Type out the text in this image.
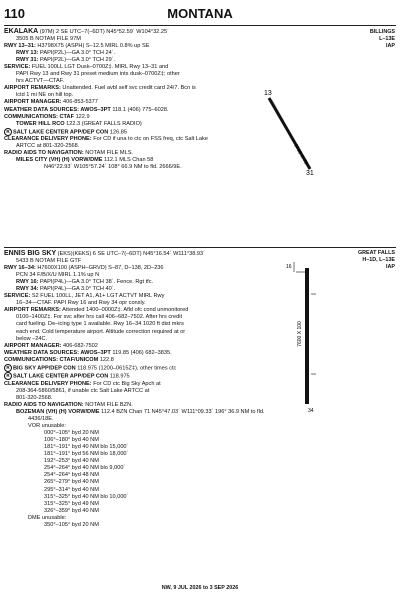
110	MONTANA
BILLINGS
L–13E
IAP
EKALAKA (97M) 2 SE UTC–7(–6DT) N45°52.59´ W104°32.25´
3505 B NOTAM FILE 97M
RWY 13–31: H3798X75 (ASPH) S–12.5 MIRL 0.8% up SE
RWY 13: PAPI(P2L)—GA 3.0° TCH 24´.
RWY 31: PAPI(P2L)—GA 3.0° TCH 29´.
SERVICE: FUEL 100LL LGT Dusk–0700Z‡. MIRL Rwy 13–31 and
PAPI Rwy 13 and Rwy 31 preset medium ints dusk–0700Z‡; other
hrs ACTVT—CTAF.
AIRPORT REMARKS: Unattended. Fuel avbl self svc credit card 24/7. Bcn is
lctd 1 mi NE on hill top.
AIRPORT MANAGER: 406-853-5377
WEATHER DATA SOURCES: AWOS–3PT 118.1 (406) 775–6028.
COMMUNICATIONS: CTAF 122.9
TOWER HILL RCO 122.3 (GREAT FALLS RADIO)
R SALT LAKE CENTER APP/DEP CON 126.85
CLEARANCE DELIVERY PHONE: For CD if una to ctc on FSS freq, ctc Salt Lake
ARTCC at 801-320-2568.
RADIO AIDS TO NAVIGATION: NOTAM FILE MLS.
MILES CITY (VH) (H) VORW/DME 112.1 MLS Chan 58
N46°22.93´ W105°57.24´ 108° 66.9 NM to fld. 2666/9E.
13
31
3798 X 75
GREAT FALLS
H–1D, L–13E
IAP
ENNIS BIG SKY (EKS)(KEKS) 6 SE UTC–7(–6DT) N45°16.54´ W111°38.93´
5433 B NOTAM FILE GTF
RWY 16–34: H7600X100 (ASPH–GRVD) S–87, D–138, 2D–236
PCN 34 F/B/X/U MIRL 1.1% up N
RWY 16: PAPI(P4L)—GA 3.0° TCH 38´. Fence. Rgt tfc.
RWY 34: PAPI(P4L)—GA 3.0° TCH 40´.
SERVICE: S2 FUEL 100LL, JET A1, A1+ LGT ACTVT MIRL Rwy
16–34—CTAF. PAPI Rwy 16 and Rwy 34 opr consly.
AIRPORT REMARKS: Attended 1400–0000Z‡. Afld ofc cond unmonitored
0100–1400Z‡. For svc after hrs call 406–682–7502. After hrs credit
card fueling. De–icing type 1 available. Rwy 16–34 1020 ft dist mkrs
each end. Cold temperature airport. Altitude correction required at or
below –24C.
AIRPORT MANAGER: 406-682-7502
WEATHER DATA SOURCES: AWOS–3PT 119.85 (406) 682–3835.
COMMUNICATIONS: CTAF/UNICOM 122.8
R BIG SKY APP/DEP CON 118.975 (1200–0615Z‡), other times ctc
R SALT LAKE CENTER APP/DEP CON 118.975
CLEARANCE DELIVERY PHONE: For CD ctc Big Sky Apch at
208-364-5860/5861, if unable ctc Salt Lake ARTCC at
801-320-2568.
RADIO AIDS TO NAVIGATION: NOTAM FILE BZN.
BOZEMAN (VH) (H) VORW/DME 112.4 BZN Chan 71 N45°47.03´ W111°09.33´ 196° 36.9 NM to fld.
4436/18E.
VOR unusable:
000°–105° byd 20 NM
106°–180° byd 40 NM
181°–191° byd 40 NM blo 15,000´
181°–191° byd 56 NM blo 18,000´
192°–253° byd 40 NM
254°–264° byd 40 NM blo 9,000´
254°–264° byd 48 NM
265°–279° byd 40 NM
295°–314° byd 40 NM
315°–325° byd 40 NM blo 10,000´
315°–325° byd 49 NM
326°–359° byd 40 NM
DME unusable:
350°–105° byd 20 NM
16
34
7600 X 100
NW, 9 JUL 2026 to 3 SEP 2026
